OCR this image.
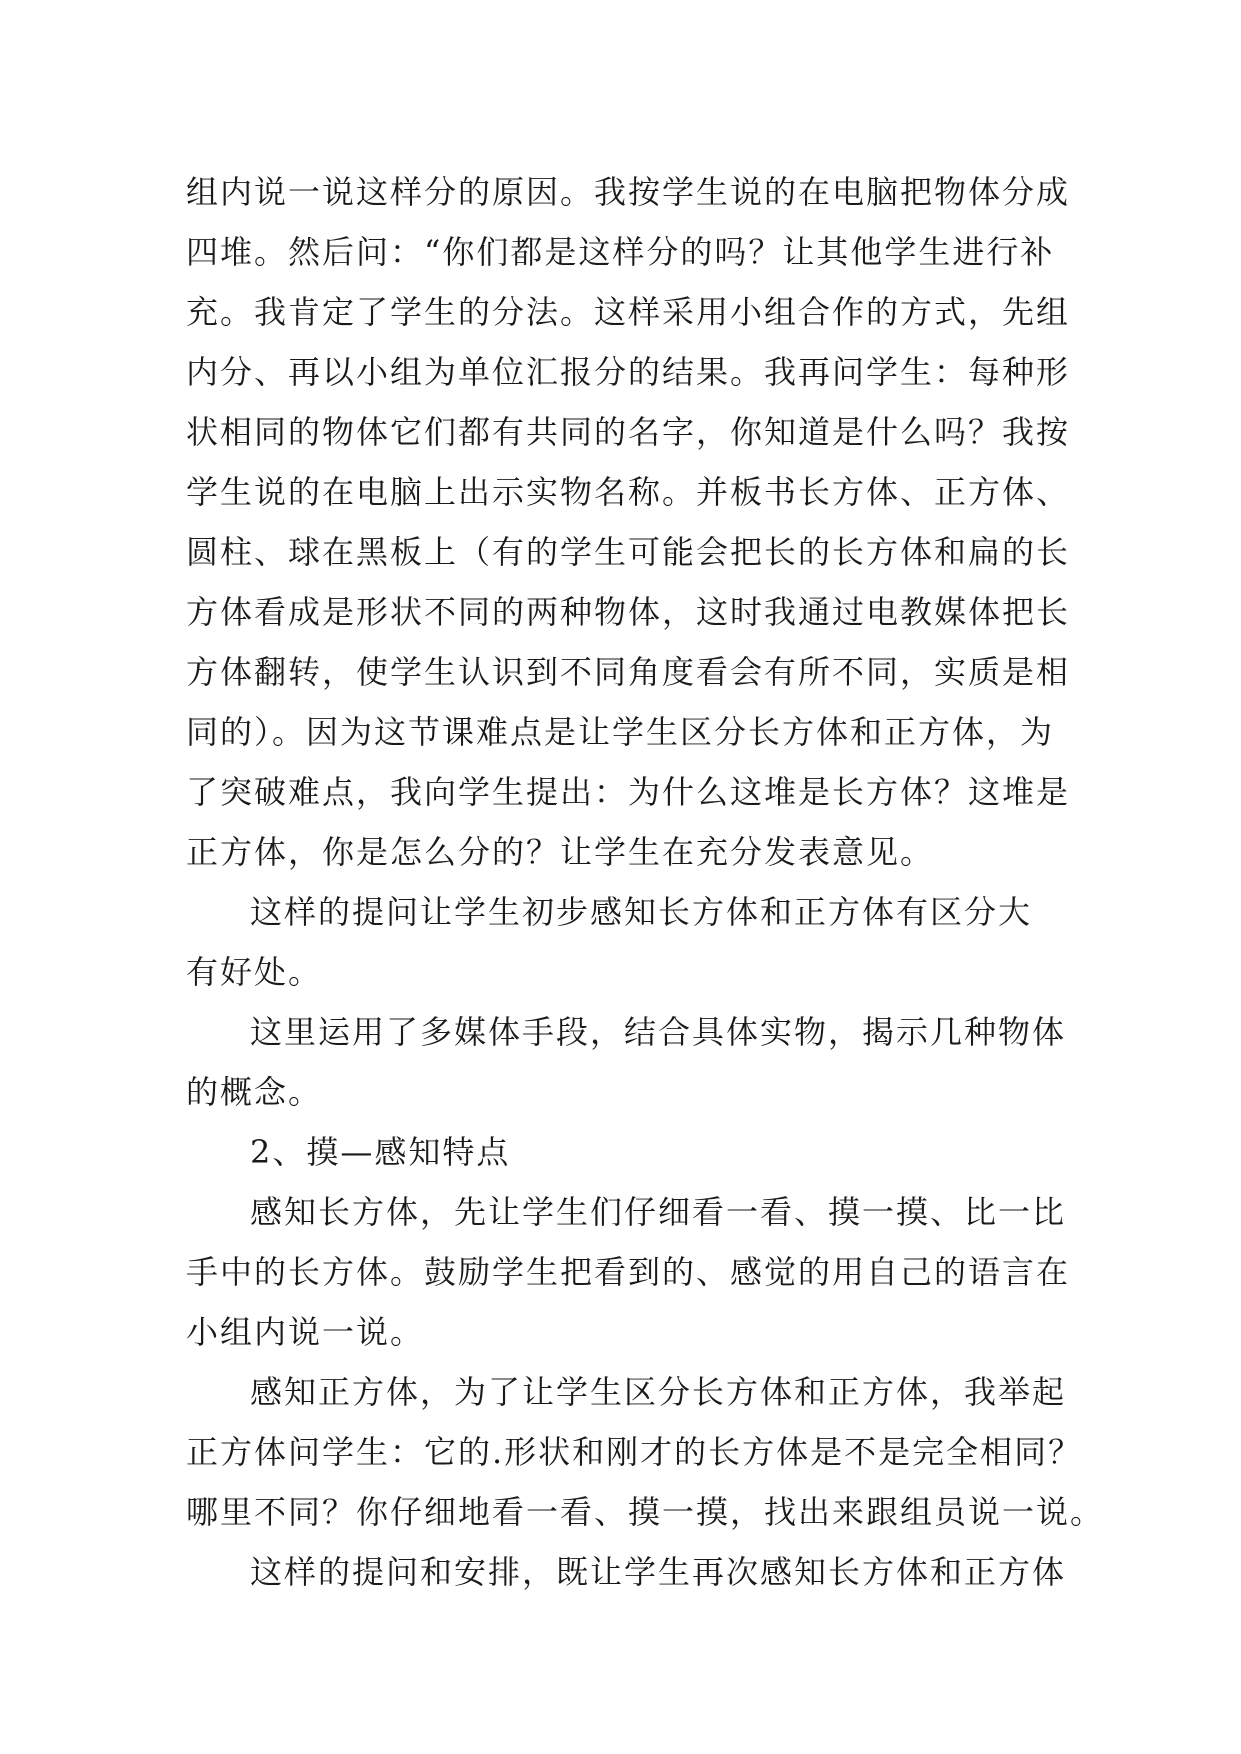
组内说一说这样分的原因。我按学生说的在电脑把物体分成
四堆。然后问：“你们都是这样分的吗？让其他学生进行补
充。我肯定了学生的分法。这样采用小组合作的方式，先组
内分、再以小组为单位汇报分的结果。我再问学生：每种形
状相同的物体它们都有共同的名字，你知道是什么吗？我按
学生说的在电脑上出示实物名称。并板书长方体、正方体、
圆柱、球在黑板上（有的学生可能会把长的长方体和扁的长
方体看成是形状不同的两种物体，这时我通过电教媒体把长
方体翻转，使学生认识到不同角度看会有所不同，实质是相
同的）。因为这节课难点是让学生区分长方体和正方体，为
了突破难点，我向学生提出：为什么这堆是长方体？这堆是
正方体，你是怎么分的？让学生在充分发表意见。

这样的提问让学生初步感知长方体和正方体有区分大
有好处。

这里运用了多媒体手段，结合具体实物，揭示几种物体
的概念。

2、摸—感知特点

感知长方体，先让学生们仔细看一看、摸一摸、比一比
手中的长方体。鼓励学生把看到的、感觉的用自己的语言在
小组内说一说。

感知正方体，为了让学生区分长方体和正方体，我举起
正方体问学生：它的.形状和刚才的长方体是不是完全相同？
哪里不同？你仔细地看一看、摸一摸，找出来跟组员说一说。

这样的提问和安排，既让学生再次感知长方体和正方体
